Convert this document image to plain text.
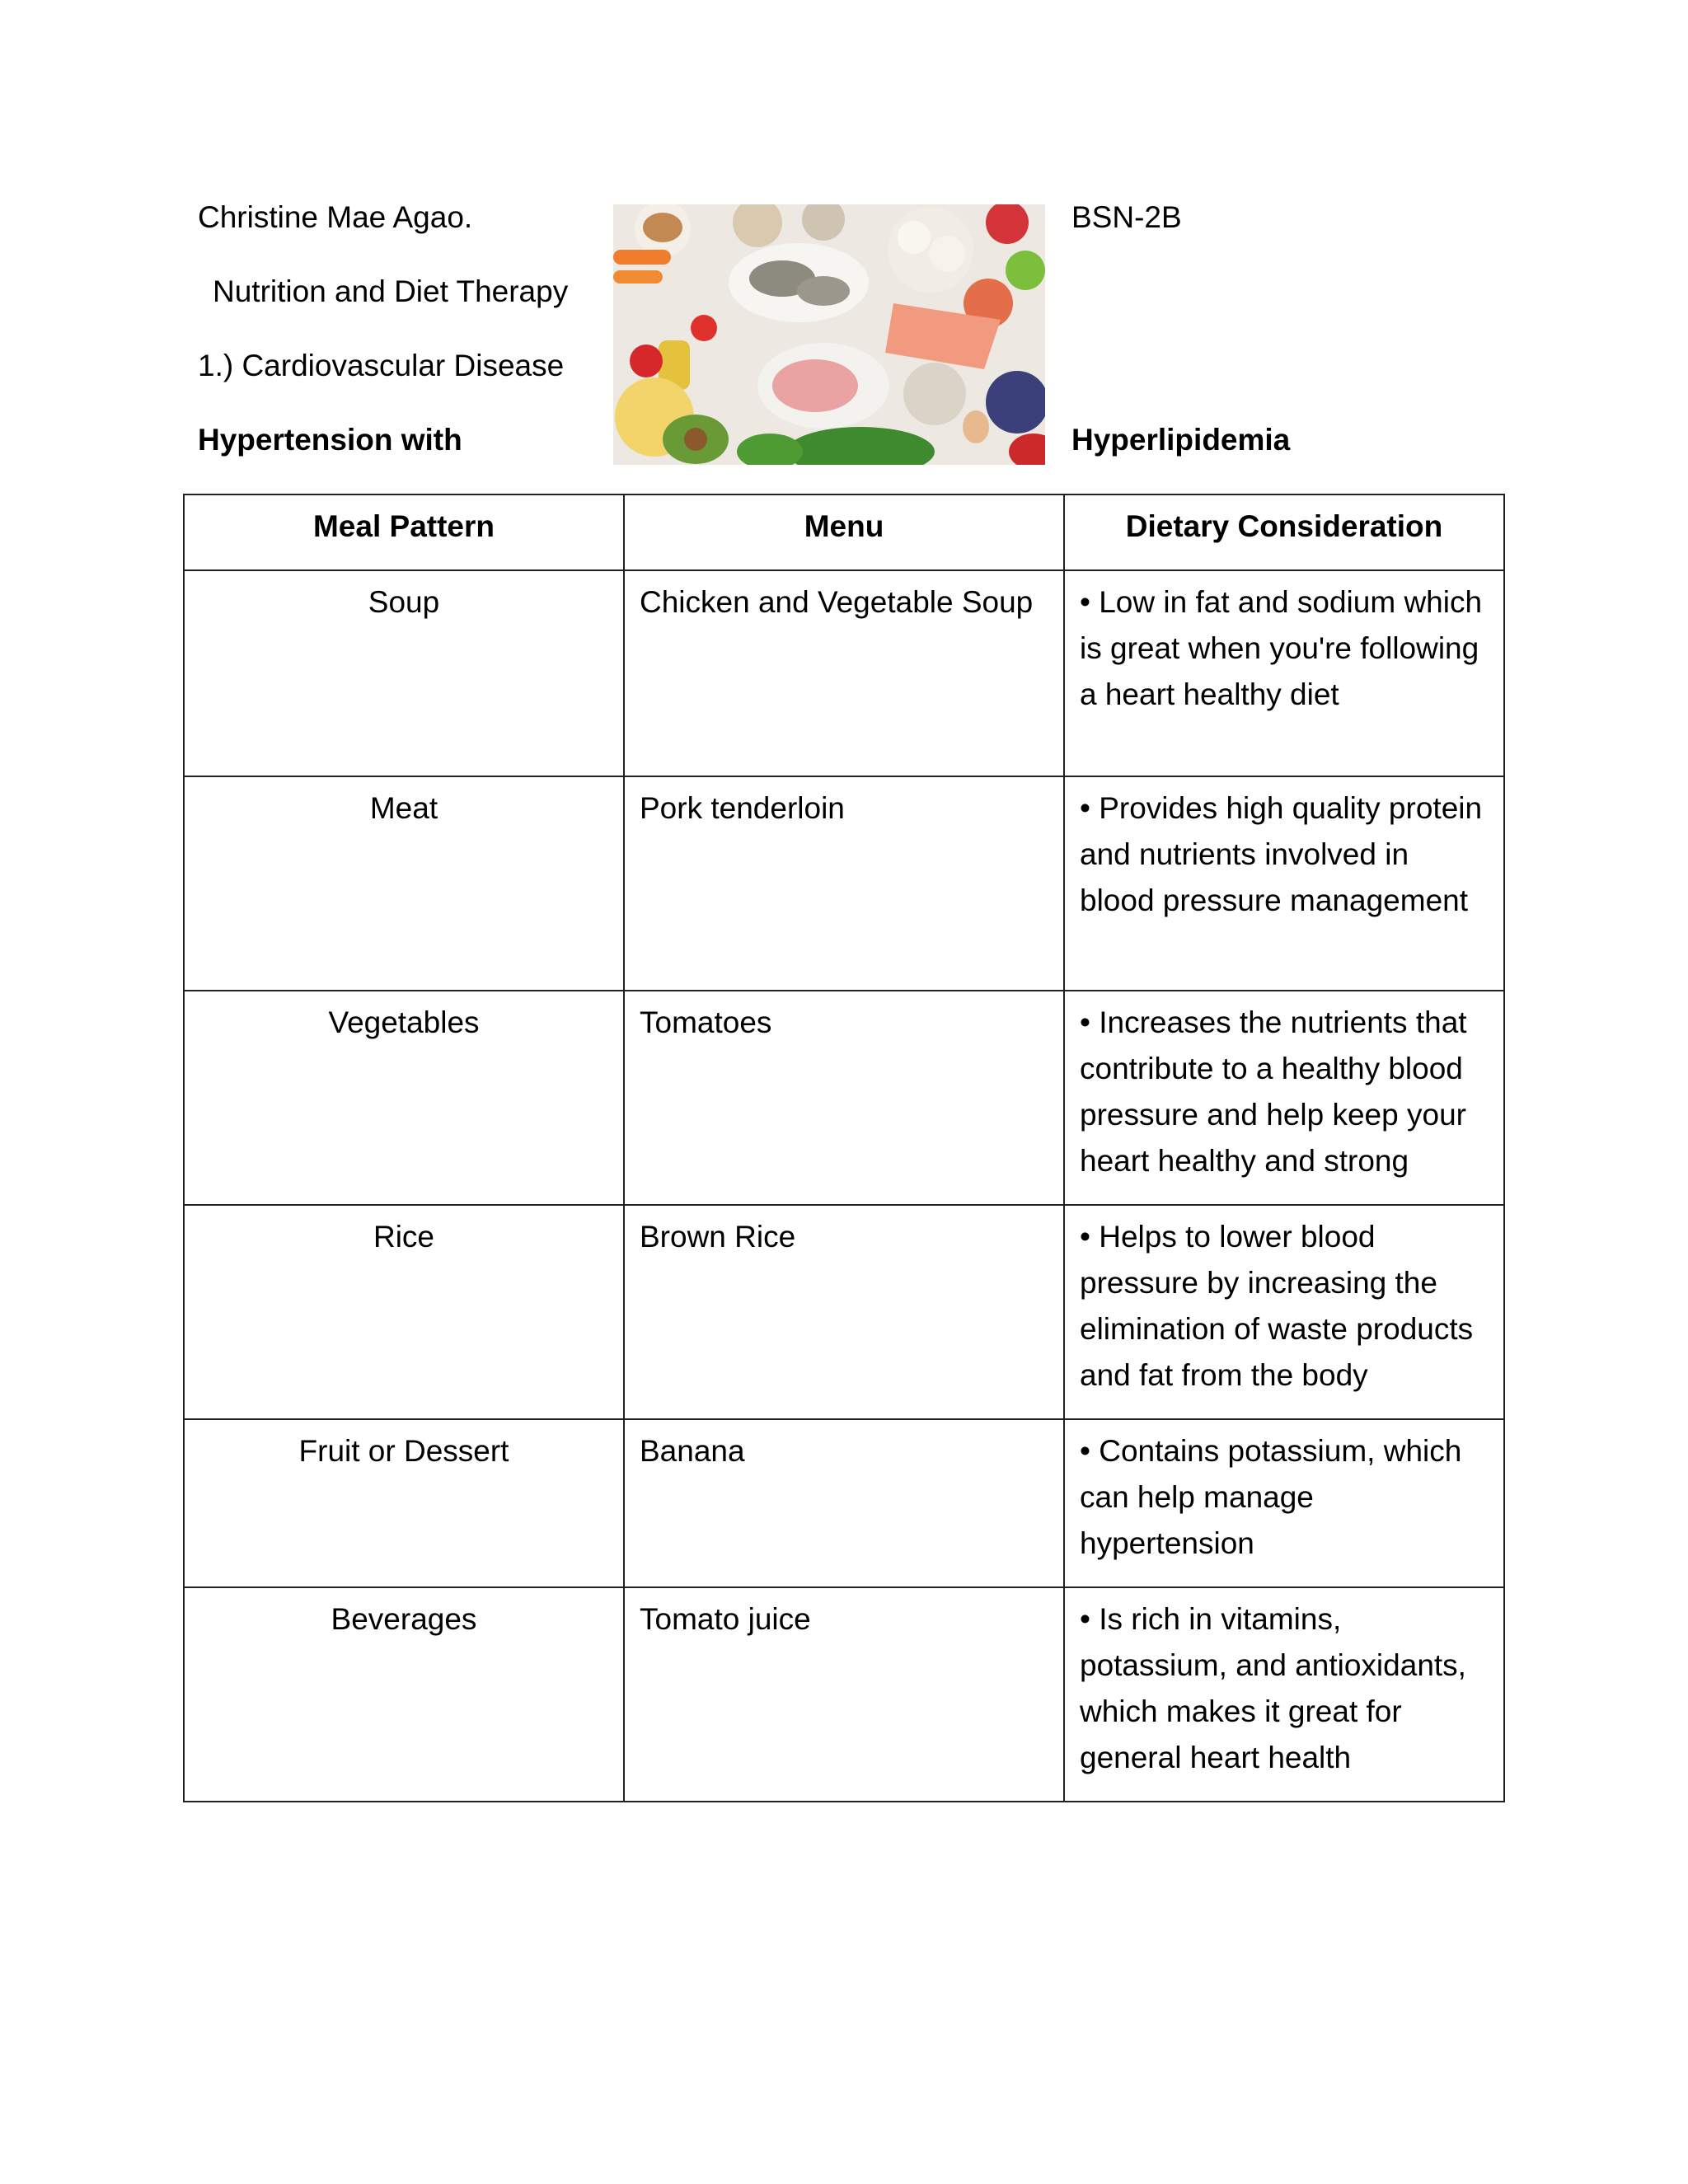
Christine Mae Agao.	BSN-2B
Nutrition and Diet Therapy
1.) Cardiovascular Disease
Hypertension with	Hyperlipidemia
Meal Pattern	Menu	Dietary Consideration
Soup	Chicken and Vegetable Soup	• Low in fat and sodium which is great when you're following a heart healthy diet
Meat	Pork tenderloin	• Provides high quality protein and nutrients involved in blood pressure management
Vegetables	Tomatoes	• Increases the nutrients that contribute to a healthy blood pressure and help keep your heart healthy and strong
Rice	Brown Rice	• Helps to lower blood pressure by increasing the elimination of waste products and fat from the body
Fruit or Dessert	Banana	• Contains potassium, which can help manage hypertension
Beverages	Tomato juice	• Is rich in vitamins, potassium, and antioxidants, which makes it great for general heart health
